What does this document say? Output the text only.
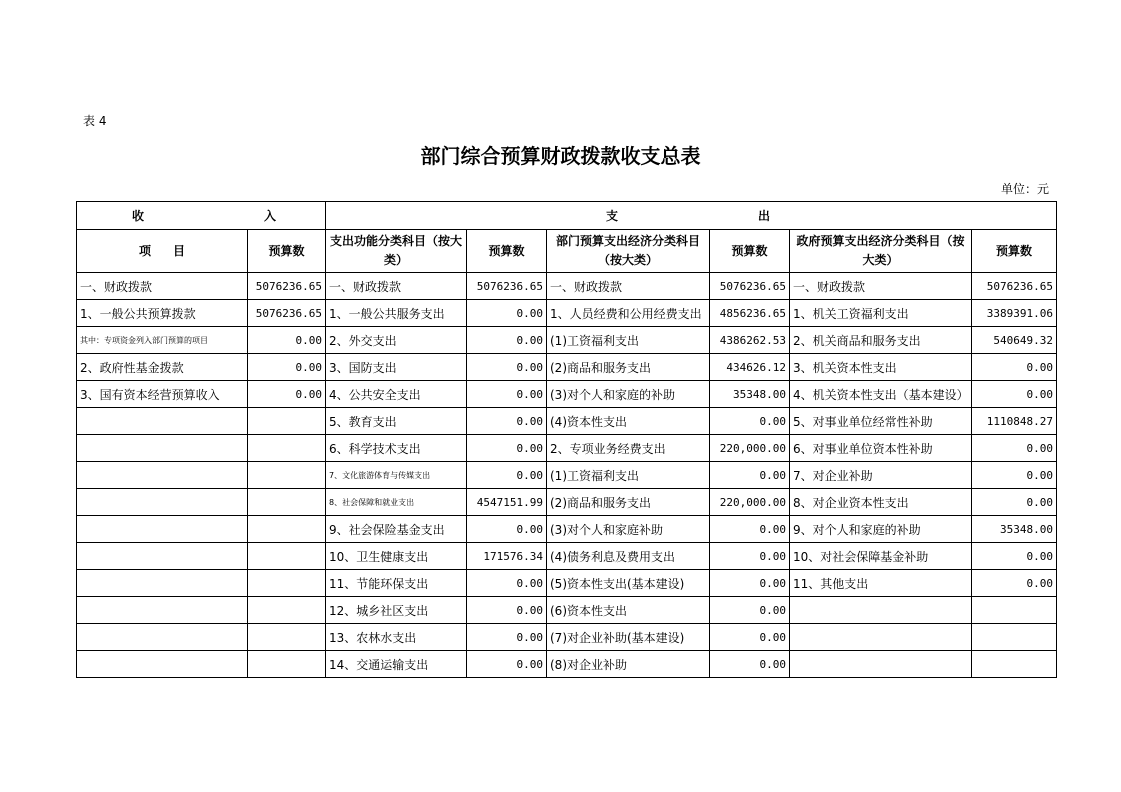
表 4
部门综合预算财政拨款收支总表
单位：元
收 入		支 出					
项 目	预算数	支出功能分类科目（按大类）	预算数	部门预算支出经济分类科目（按大类）	预算数	政府预算支出经济分类科目（按大类）	预算数
一、财政拨款	5076236.65	一、财政拨款	5076236.65	一、财政拨款	5076236.65	一、财政拨款	5076236.65
1、一般公共预算拨款	5076236.65	1、一般公共服务支出	0.00	1、人员经费和公用经费支出	4856236.65	1、机关工资福利支出	3389391.06
其中：专项资金列入部门预算的项目	0.00	2、外交支出	0.00	(1)工资福利支出	4386262.53	2、机关商品和服务支出	540649.32
2、政府性基金拨款	0.00	3、国防支出	0.00	(2)商品和服务支出	434626.12	3、机关资本性支出	0.00
3、国有资本经营预算收入	0.00	4、公共安全支出	0.00	(3)对个人和家庭的补助	35348.00	4、机关资本性支出（基本建设）	0.00
		5、教育支出	0.00	(4)资本性支出	0.00	5、对事业单位经常性补助	1110848.27
		6、科学技术支出	0.00	2、专项业务经费支出	220,000.00	6、对事业单位资本性补助	0.00
		7、文化旅游体育与传媒支出	0.00	(1)工资福利支出	0.00	7、对企业补助	0.00
		8、社会保障和就业支出	4547151.99	(2)商品和服务支出	220,000.00	8、对企业资本性支出	0.00
		9、社会保险基金支出	0.00	(3)对个人和家庭补助	0.00	9、对个人和家庭的补助	35348.00
		10、卫生健康支出	171576.34	(4)债务利息及费用支出	0.00	10、对社会保障基金补助	0.00
		11、节能环保支出	0.00	(5)资本性支出(基本建设)	0.00	11、其他支出	0.00
		12、城乡社区支出	0.00	(6)资本性支出	0.00		
		13、农林水支出	0.00	(7)对企业补助(基本建设)	0.00		
		14、交通运输支出	0.00	(8)对企业补助	0.00		
